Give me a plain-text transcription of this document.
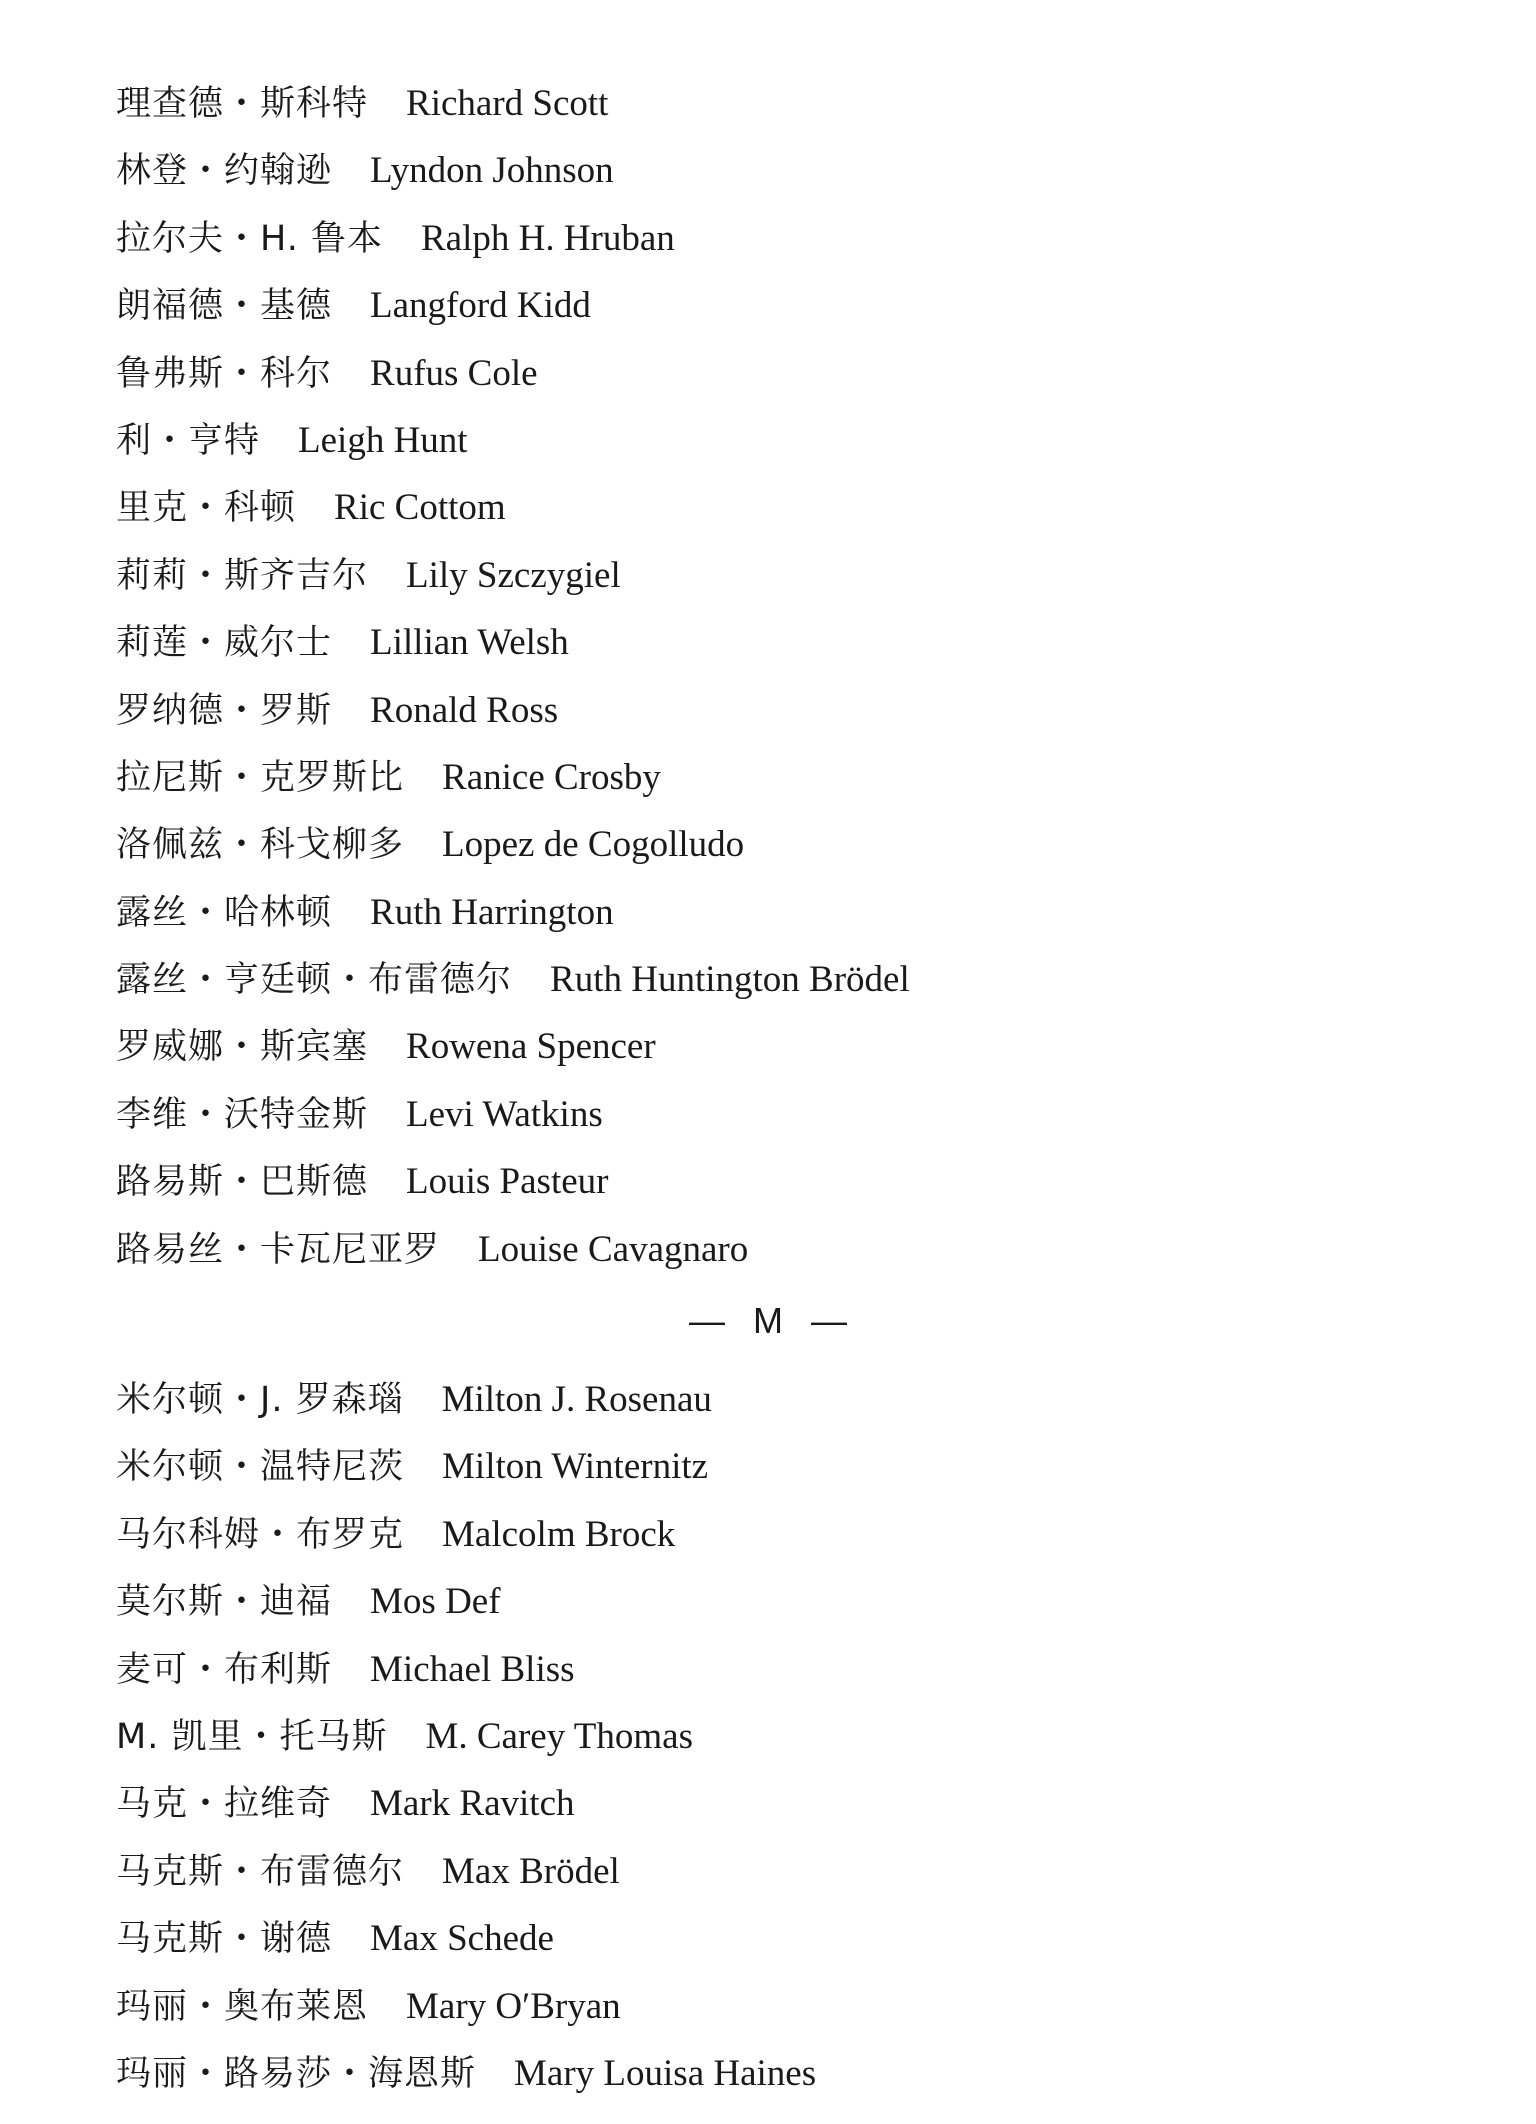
理查德・斯科特 Richard Scott
林登・约翰逊 Lyndon Johnson
拉尔夫・H. 鲁本 Ralph H. Hruban
朗福德・基德 Langford Kidd
鲁弗斯・科尔 Rufus Cole
利・亨特 Leigh Hunt
里克・科顿 Ric Cottom
莉莉・斯齐吉尔 Lily Szczygiel
莉莲・威尔士 Lillian Welsh
罗纳德・罗斯 Ronald Ross
拉尼斯・克罗斯比 Ranice Crosby
洛佩兹・科戈柳多 Lopez de Cogolludo
露丝・哈林顿 Ruth Harrington
露丝・亨廷顿・布雷德尔 Ruth Huntington Brödel
罗威娜・斯宾塞 Rowena Spencer
李维・沃特金斯 Levi Watkins
路易斯・巴斯德 Louis Pasteur
路易丝・卡瓦尼亚罗 Louise Cavagnaro
— M —
米尔顿・J. 罗森瑙 Milton J. Rosenau
米尔顿・温特尼茨 Milton Winternitz
马尔科姆・布罗克 Malcolm Brock
莫尔斯・迪福 Mos Def
麦可・布利斯 Michael Bliss
M. 凯里・托马斯 M. Carey Thomas
马克・拉维奇 Mark Ravitch
马克斯・布雷德尔 Max Brödel
马克斯・谢德 Max Schede
玛丽・奥布莱恩 Mary O′Bryan
玛丽・路易莎・海恩斯 Mary Louisa Haines
